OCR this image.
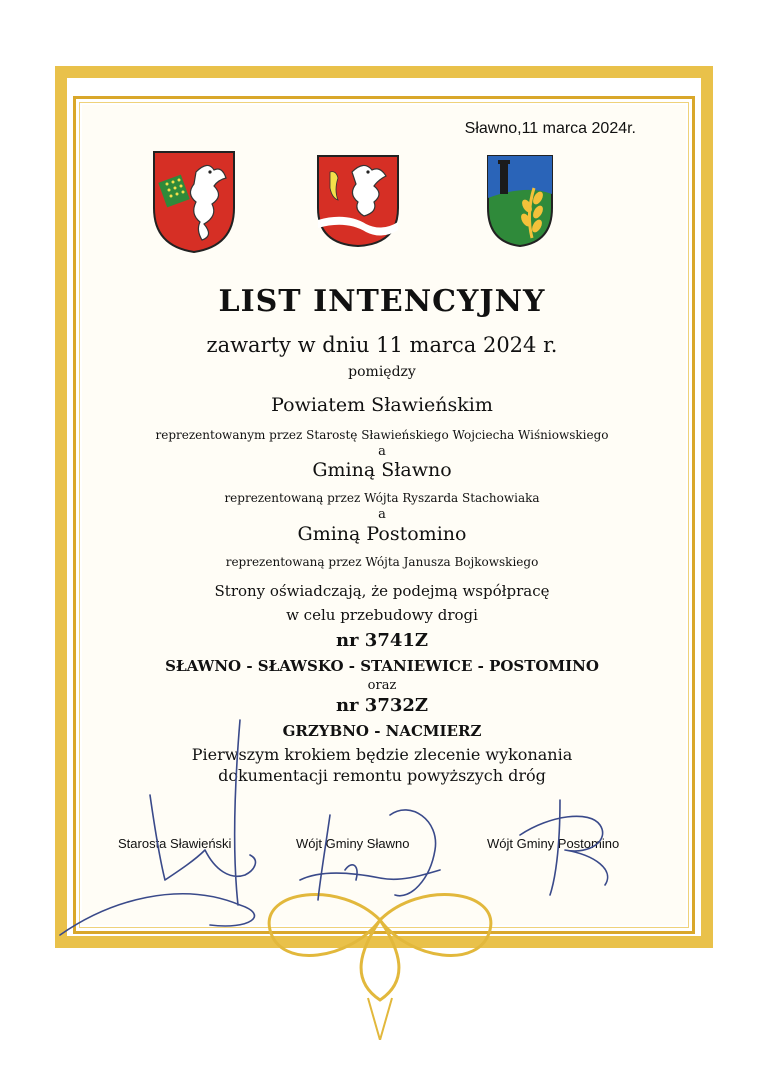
Sławno,11 marca 2024r.
LIST INTENCYJNY
zawarty w dniu 11 marca 2024 r.
pomiędzy
Powiatem Sławieńskim
reprezentowanym przez Starostę Sławieńskiego Wojciecha Wiśniowskiego
a
Gminą Sławno
reprezentowaną przez Wójta Ryszarda Stachowiaka
a
Gminą Postomino
reprezentowaną przez Wójta Janusza Bojkowskiego
Strony oświadczają, że podejmą współpracę
w celu przebudowy drogi
nr 3741Z
SŁAWNO - SŁAWSKO - STANIEWICE - POSTOMINO
oraz
nr 3732Z
GRZYBNO - NACMIERZ
Pierwszym krokiem będzie zlecenie wykonania
dokumentacji remontu powyższych dróg
Starosta Sławieński	Wójt Gminy Sławno	Wójt Gminy Postomino
